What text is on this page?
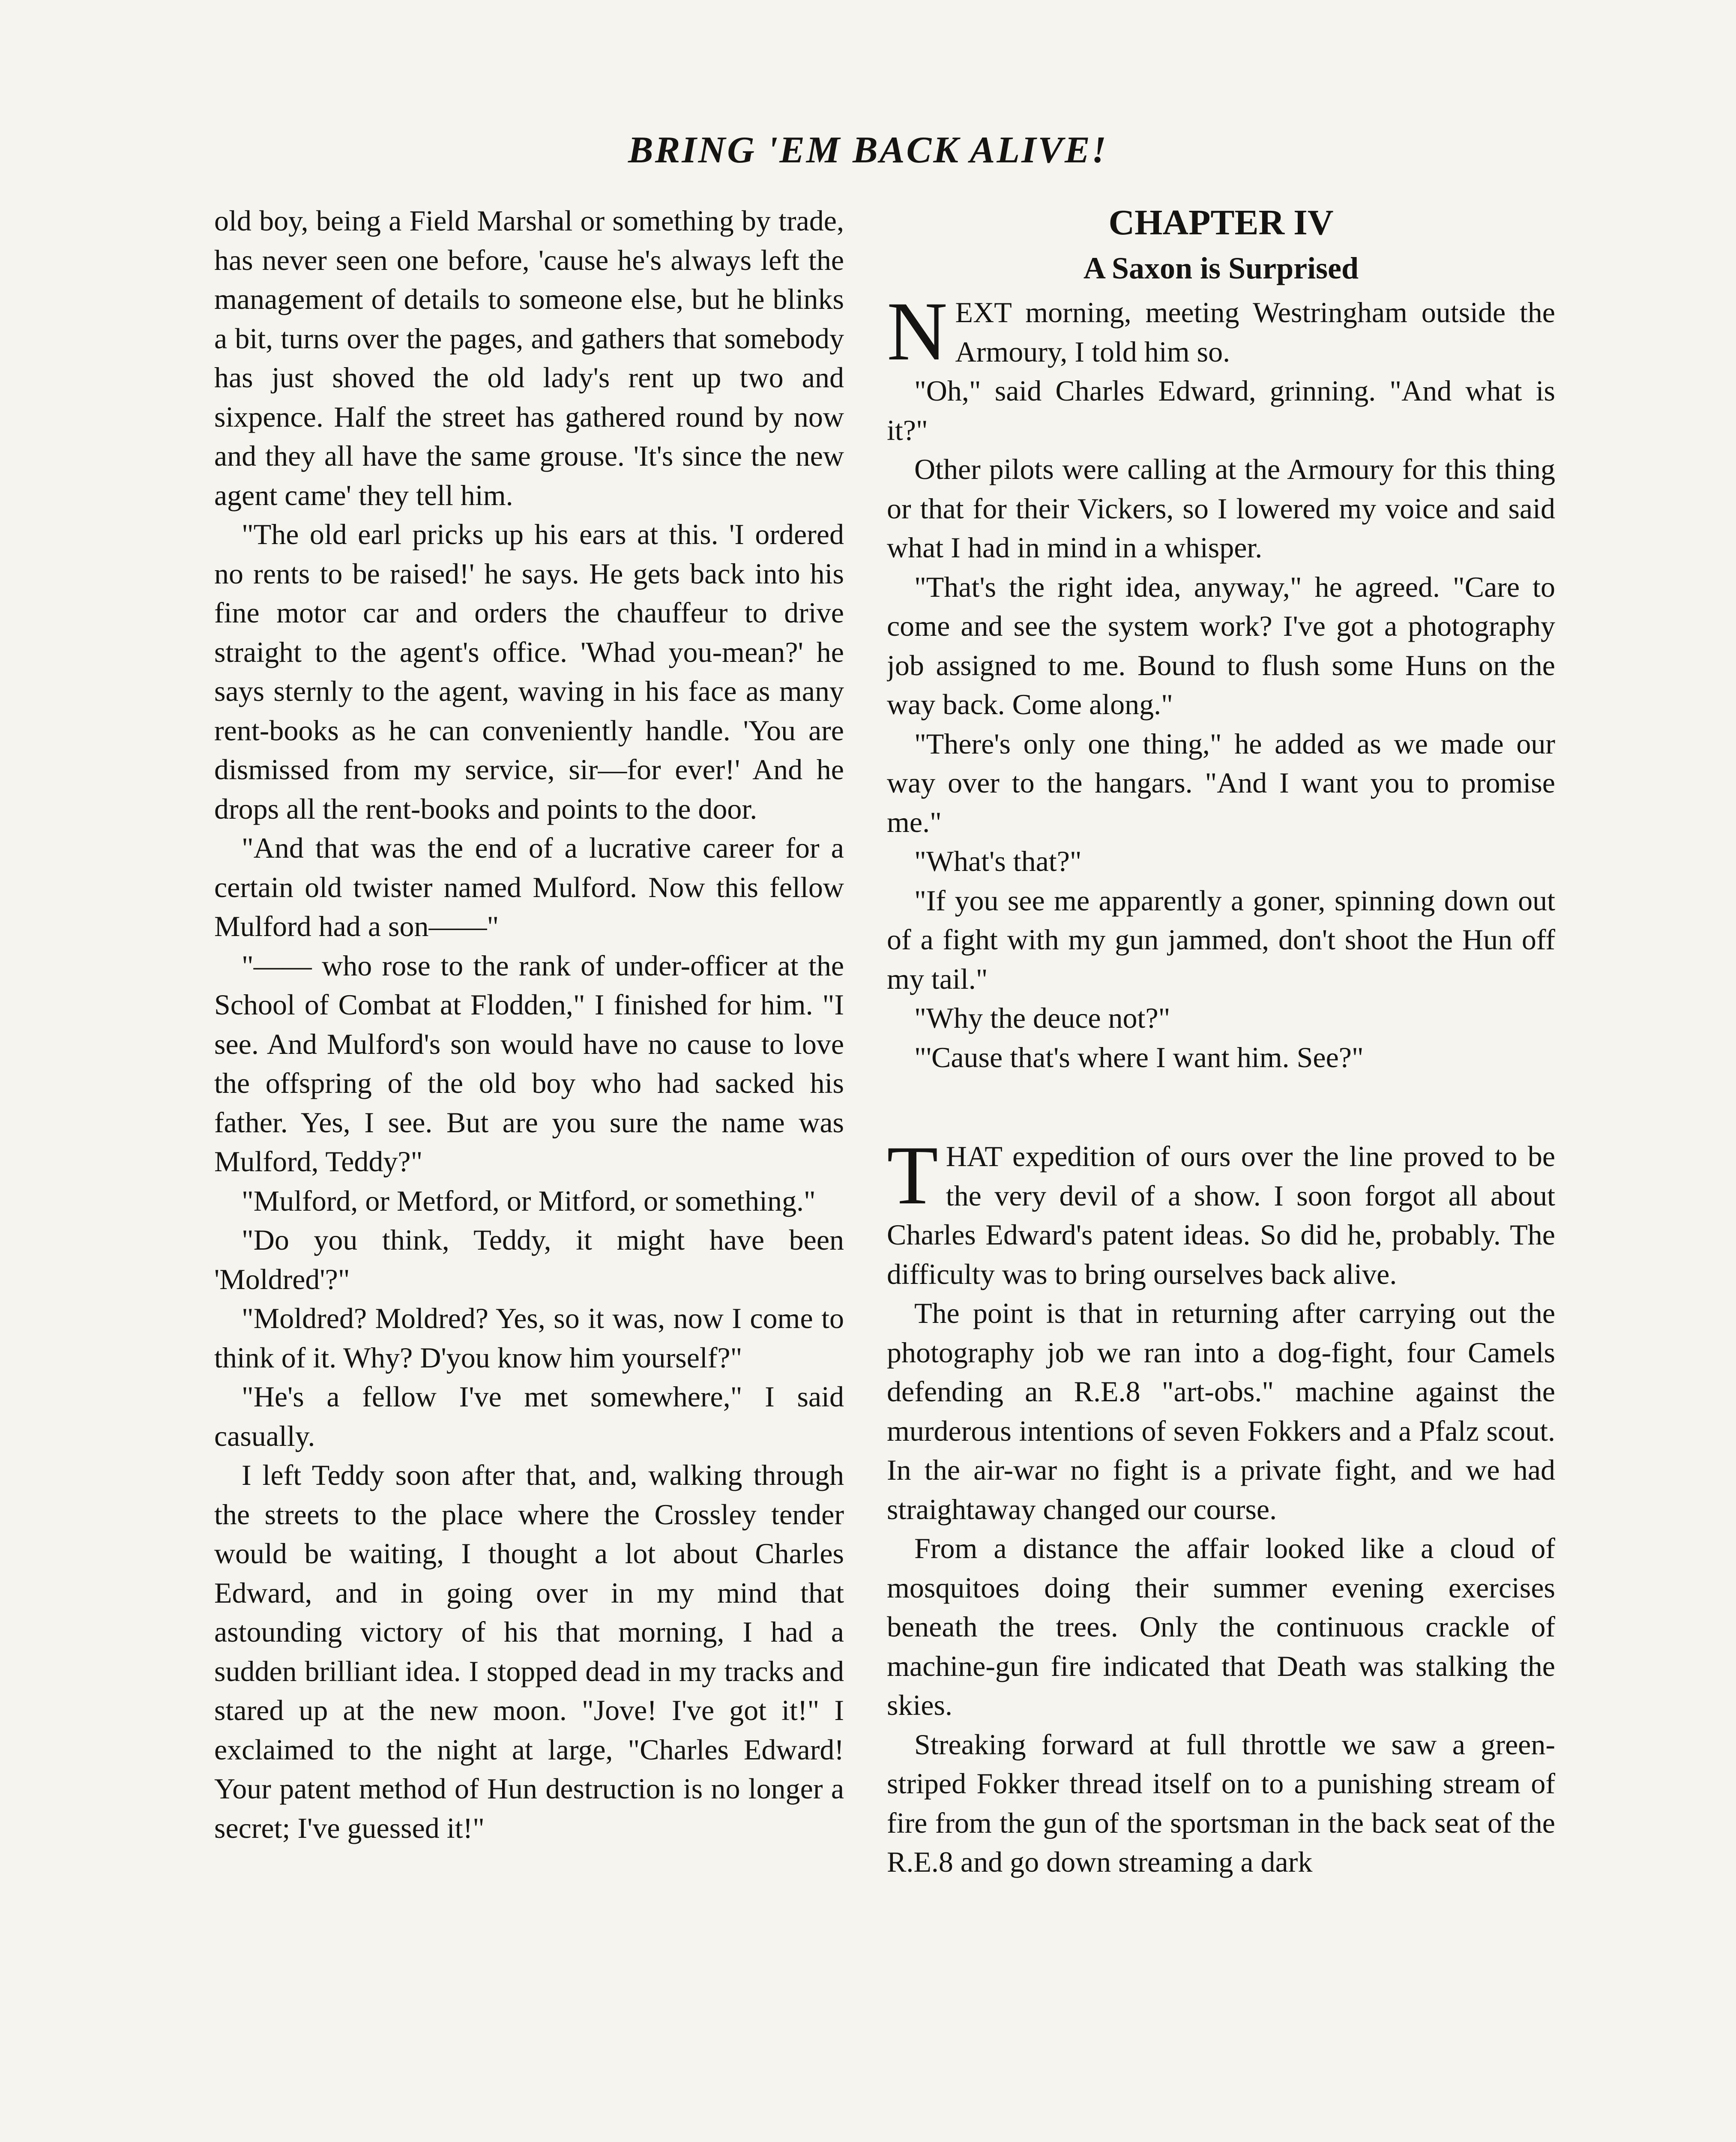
BRING 'EM BACK ALIVE!

old boy, being a Field Marshal or something by trade, has never seen one before, 'cause he's always left the management of details to someone else, but he blinks a bit, turns over the pages, and gathers that somebody has just shoved the old lady's rent up two and sixpence. Half the street has gathered round by now and they all have the same grouse. 'It's since the new agent came' they tell him.

"The old earl pricks up his ears at this. 'I ordered no rents to be raised!' he says. He gets back into his fine motor car and orders the chauffeur to drive straight to the agent's office. 'Whad you-mean?' he says sternly to the agent, waving in his face as many rent-books as he can conveniently handle. 'You are dismissed from my service, sir—for ever!' And he drops all the rent-books and points to the door.

"And that was the end of a lucrative career for a certain old twister named Mulford. Now this fellow Mulford had a son——"

"—— who rose to the rank of under-officer at the School of Combat at Flodden," I finished for him. "I see. And Mulford's son would have no cause to love the offspring of the old boy who had sacked his father. Yes, I see. But are you sure the name was Mulford, Teddy?"

"Mulford, or Metford, or Mitford, or something."

"Do you think, Teddy, it might have been 'Moldred'?"

"Moldred? Moldred? Yes, so it was, now I come to think of it. Why? D'you know him yourself?"

"He's a fellow I've met somewhere," I said casually.

I left Teddy soon after that, and, walking through the streets to the place where the Crossley tender would be waiting, I thought a lot about Charles Edward, and in going over in my mind that astounding victory of his that morning, I had a sudden brilliant idea. I stopped dead in my tracks and stared up at the new moon. "Jove! I've got it!" I exclaimed to the night at large, "Charles Edward! Your patent method of Hun destruction is no longer a secret; I've guessed it!"

CHAPTER IV
A Saxon is Surprised

NEXT morning, meeting Westringham outside the Armoury, I told him so.

"Oh," said Charles Edward, grinning. "And what is it?"

Other pilots were calling at the Armoury for this thing or that for their Vickers, so I lowered my voice and said what I had in mind in a whisper.

"That's the right idea, anyway," he agreed. "Care to come and see the system work? I've got a photography job assigned to me. Bound to flush some Huns on the way back. Come along."

"There's only one thing," he added as we made our way over to the hangars. "And I want you to promise me."

"What's that?"

"If you see me apparently a goner, spinning down out of a fight with my gun jammed, don't shoot the Hun off my tail."

"Why the deuce not?"

"'Cause that's where I want him. See?"

THAT expedition of ours over the line proved to be the very devil of a show. I soon forgot all about Charles Edward's patent ideas. So did he, probably. The difficulty was to bring ourselves back alive.

The point is that in returning after carrying out the photography job we ran into a dog-fight, four Camels defending an R.E.8 "art-obs." machine against the murderous intentions of seven Fokkers and a Pfalz scout. In the air-war no fight is a private fight, and we had straightaway changed our course.

From a distance the affair looked like a cloud of mosquitoes doing their summer evening exercises beneath the trees. Only the continuous crackle of machine-gun fire indicated that Death was stalking the skies.

Streaking forward at full throttle we saw a green-striped Fokker thread itself on to a punishing stream of fire from the gun of the sportsman in the back seat of the R.E.8 and go down streaming a dark
